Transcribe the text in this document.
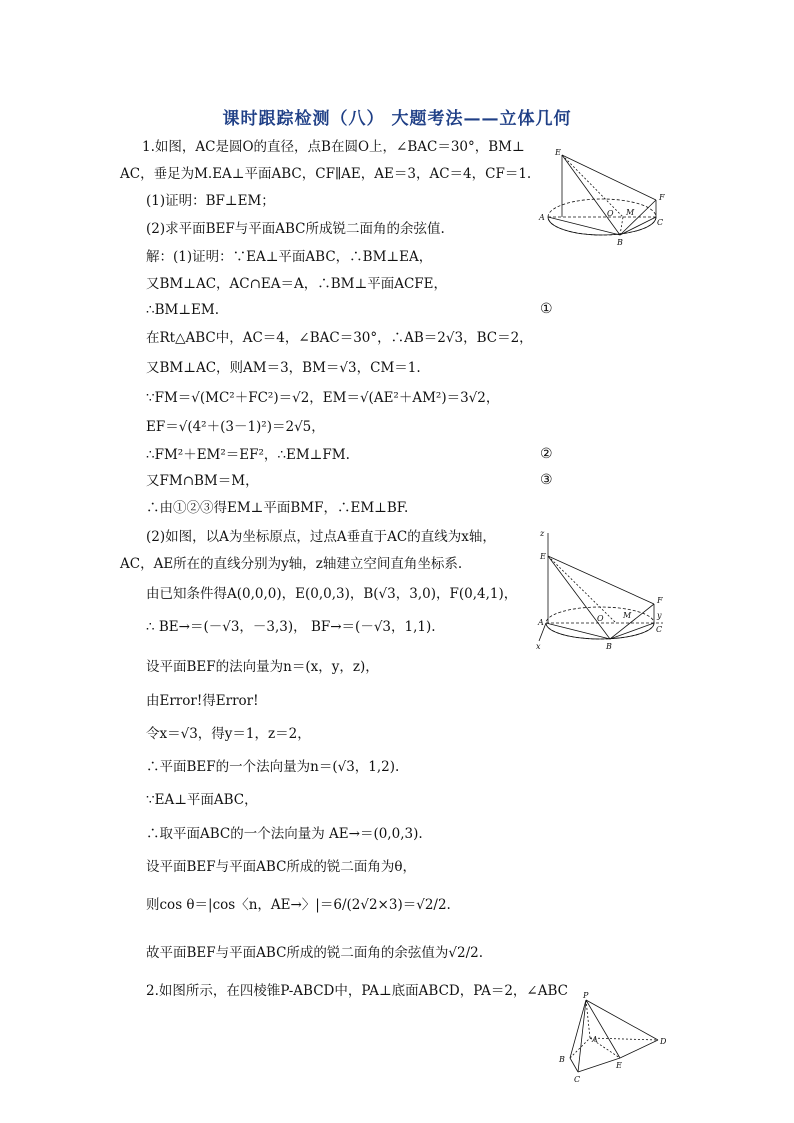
课时跟踪检测（八） 大题考法——立体几何
1.如图，AC是圆O的直径，点B在圆O上，∠BAC＝30°，BM⊥
AC，垂足为M.EA⊥平面ABC，CF∥AE，AE＝3，AC＝4，CF＝1.
(1)证明：BF⊥EM；
(2)求平面BEF与平面ABC所成锐二面角的余弦值.
解：(1)证明：∵EA⊥平面ABC，∴BM⊥EA，
又BM⊥AC，AC∩EA＝A，∴BM⊥平面ACFE，
∴BM⊥EM.	①
在Rt△ABC中，AC＝4，∠BAC＝30°，∴AB＝2√3，BC＝2，
又BM⊥AC，则AM＝3，BM＝√3，CM＝1.
∵FM＝√(MC²＋FC²)＝√2，EM＝√(AE²＋AM²)＝3√2，
EF＝√(4²＋(3－1)²)＝2√5，
∴FM²＋EM²＝EF²，∴EM⊥FM.	②
又FM∩BM＝M，	③
∴由①②③得EM⊥平面BMF，∴EM⊥BF.
(2)如图，以A为坐标原点，过点A垂直于AC的直线为x轴，
AC，AE所在的直线分别为y轴，z轴建立空间直角坐标系.
由已知条件得A(0,0,0)，E(0,0,3)，B(√3，3,0)，F(0,4,1)，
∴ BE→＝(－√3，－3,3)， BF→＝(－√3，1,1).
设平面BEF的法向量为n＝(x，y，z)，
由Error!得Error!
令x＝√3，得y＝1，z＝2，
∴平面BEF的一个法向量为n＝(√3，1,2).
∵EA⊥平面ABC，
∴取平面ABC的一个法向量为 AE→＝(0,0,3).
设平面BEF与平面ABC所成的锐二面角为θ，
则cos θ＝|cos〈n，AE→〉|＝6/(2√2×3)＝√2/2.
故平面BEF与平面ABC所成的锐二面角的余弦值为√2/2.
2.如图所示，在四棱锥P-ABCD中，PA⊥底面ABCD，PA＝2，∠ABC
E
F
A	O M
C
B
z
E
F
A	O M
C
y
B
x
P
A	D
B
E
C
